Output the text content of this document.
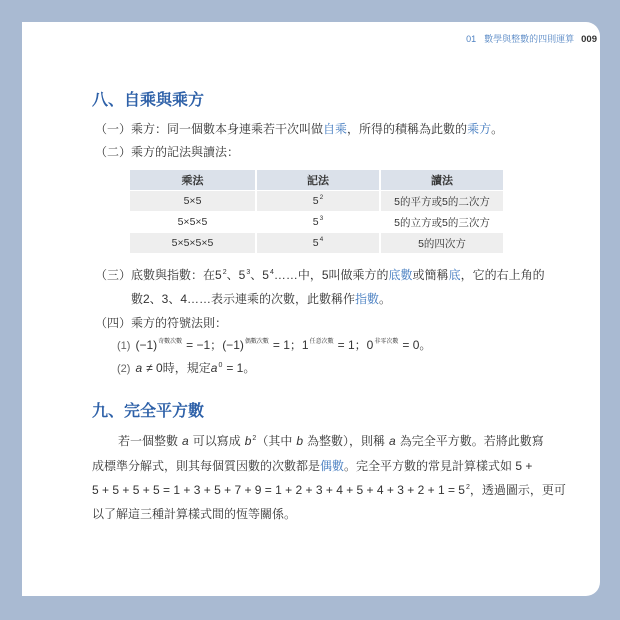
01 數學與整數的四則運算 009
八、自乘與乘方
（一） 乘方：同一個數本身連乘若干次叫做 自乘 ，所得的積稱為此數的 乘方 。
（二） 乘方的記法與讀法：
乘法	記法	讀法
5×5	$5^2$	5的平方或5的二次方
5×5×5	$5^3$	5的立方或5的三次方
5×5×5×5	$5^4$	5的四次方
（三） 底數與指數：在 5 2 、 5 3 、 5 4 ……中，5叫做乘方的 底數 或簡稱 底 ，它的右上角的
數2、3、4……表示連乘的次數，此數稱作 指數 。
（四） 乘方的符號法則：
(1) (−1) 奇數次數 = −1； (−1) 偶數次數 = 1； 1 任意次數 = 1； 0 非零次數 = 0。
(2) a ≠ 0時，規定 a 0 = 1。
九、完全平方數
若一個整數 a 可以寫成 b 2 （其中 b 為整數），則稱 a 為完全平方數。若將此數寫
成標準分解式，則其每個質因數的次數都是 偶數 。完全平方數的常見計算樣式如 5 +
5 + 5 + 5 + 5 = 1 + 3 + 5 + 7 + 9 = 1 + 2 + 3 + 4 + 5 + 4 + 3 + 2 + 1 = 5 2 ，透過圖示，更可
以了解這三種計算樣式間的恆等關係。
